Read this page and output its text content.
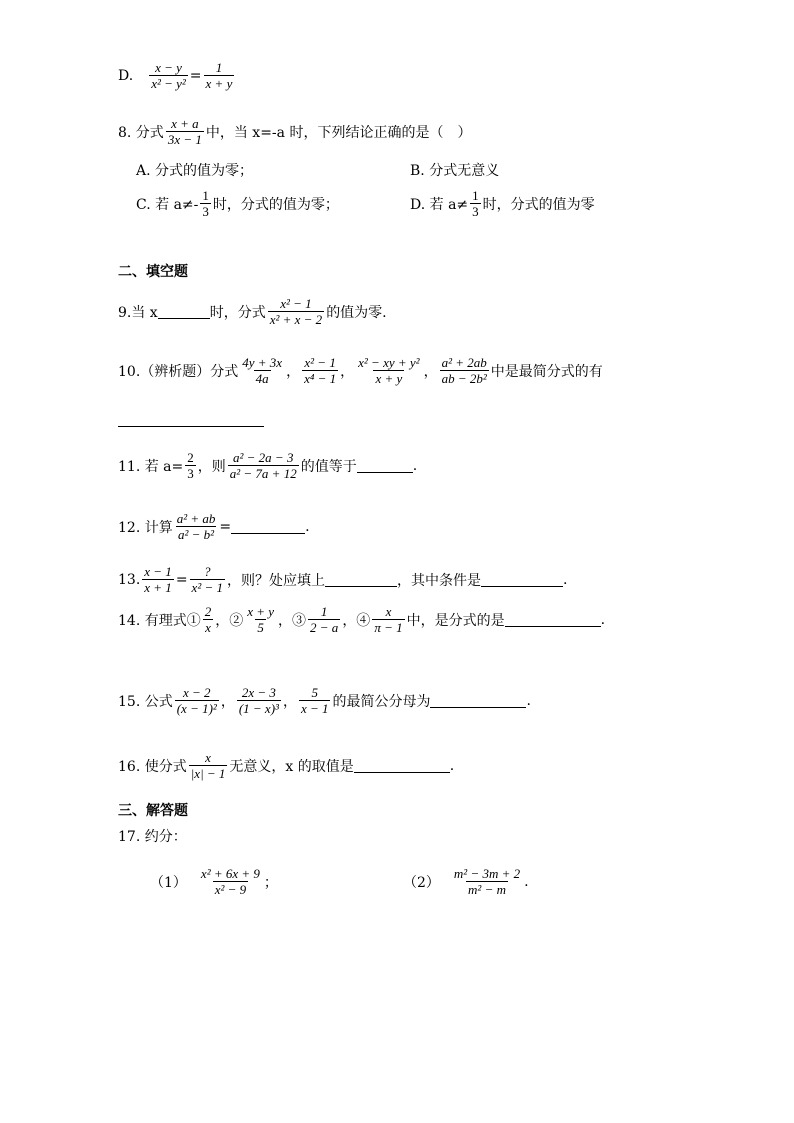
D. $\frac{x - y}{\text{x² − y²}} = \frac{1}{x + y}$
8. 分式 $\frac{x + a}{3x - 1}$ 中，当 x=-a 时，下列结论正确的是（　）
A. 分式的值为零；	B. 分式无意义
C. 若 $a\ne- \frac{1}{3}$ 时，分式的值为零；	D. 若 $a\ne \frac{1}{3}$ 时，分式的值为零
二、填空题
9.当 x	时，分式 $\frac{\text{x² − 1}}{\text{x² + x − 2}}$ 的值为零.
10.（辨析题）分式 $\frac{4y + 3x}{4a}$ ， $\frac{\text{x² − 1}}{\text{x⁴ − 1}}$ ， $\frac{\text{x² − xy + y²}}{x + y}$ ， $\frac{\text{a² + 2ab}}{\text{ab − 2b²}}$ 中是最简分式的有
11. 若 $a= \frac{2}{3}$ ，则 $\frac{\text{a² − 2a − 3}}{\text{a² − 7a + 12}}$ 的值等于	.
12. 计算 $\frac{\text{a² + ab}}{\text{a² − b²}}$ =	.
13. $\frac{x - 1}{x + 1} = \frac{?}{\text{x² − 1}}$ ，则？处应填上	，其中条件是	.
14. 有理式① $\frac{2}{x}$ ，② $\frac{x + y}{5}$ ，③ $\frac{1}{2 - a}$ ，④ $\frac{x}{\pi - 1}$ 中，是分式的是	.
15. 公式 $\frac{x - 2}{\text{(x − 1)²}}$ ， $\frac{2x - 3}{\text{(1 − x)³}}$ ， $\frac{5}{x - 1}$ 的最简公分母为	.
16. 使分式 $\frac{x}{|x| - 1}$ 无意义，x 的取值是	.
三、解答题
17. 约分：
$(1) \frac{\text{x² + 6x + 9}}{\text{x² − 9}}$ ；	$(2) \frac{\text{m² − 3m + 2}}{\text{m² − m}}$ .
